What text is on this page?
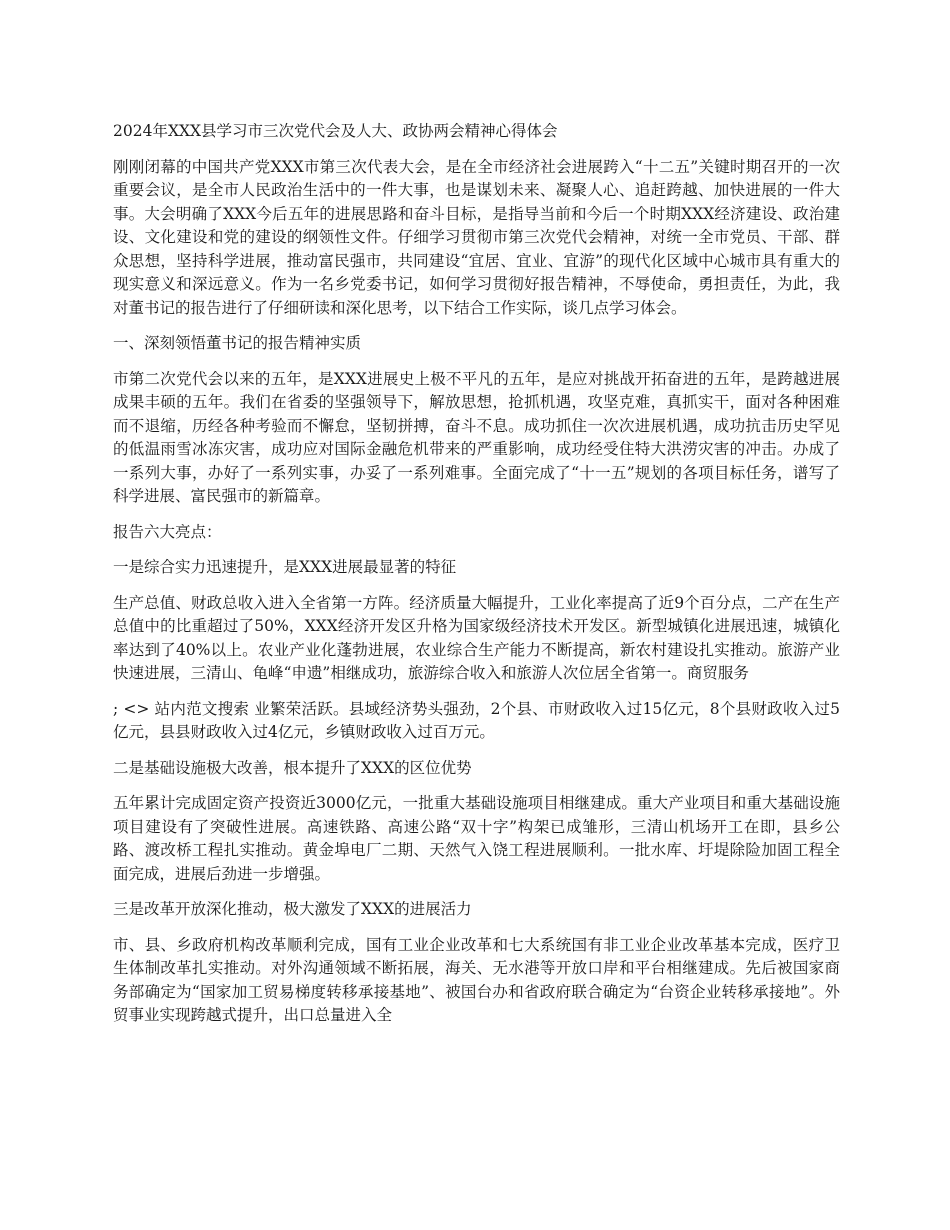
2024年XXX县学习市三次党代会及人大、政协两会精神心得体会

刚刚闭幕的中国共产党XXX市第三次代表大会，是在全市经济社会进展跨入“十二五”关键时期召开的一次重要会议，是全市人民政治生活中的一件大事，也是谋划未来、凝聚人心、追赶跨越、加快进展的一件大事。大会明确了XXX今后五年的进展思路和奋斗目标，是指导当前和今后一个时期XXX经济建设、政治建设、文化建设和党的建设的纲领性文件。仔细学习贯彻市第三次党代会精神，对统一全市党员、干部、群众思想，坚持科学进展，推动富民强市，共同建设“宜居、宜业、宜游”的现代化区域中心城市具有重大的现实意义和深远意义。作为一名乡党委书记，如何学习贯彻好报告精神，不辱使命，勇担责任，为此，我对董书记的报告进行了仔细研读和深化思考，以下结合工作实际，谈几点学习体会。

一、深刻领悟董书记的报告精神实质

市第二次党代会以来的五年，是XXX进展史上极不平凡的五年，是应对挑战开拓奋进的五年，是跨越进展成果丰硕的五年。我们在省委的坚强领导下，解放思想，抢抓机遇，攻坚克难，真抓实干，面对各种困难而不退缩，历经各种考验而不懈怠，坚韧拼搏，奋斗不息。成功抓住一次次进展机遇，成功抗击历史罕见的低温雨雪冰冻灾害，成功应对国际金融危机带来的严重影响，成功经受住特大洪涝灾害的冲击。办成了一系列大事，办好了一系列实事，办妥了一系列难事。全面完成了“十一五”规划的各项目标任务，谱写了科学进展、富民强市的新篇章。

报告六大亮点：

一是综合实力迅速提升，是XXX进展最显著的特征

生产总值、财政总收入进入全省第一方阵。经济质量大幅提升，工业化率提高了近9个百分点，二产在生产总值中的比重超过了50%，XXX经济开发区升格为国家级经济技术开发区。新型城镇化进展迅速，城镇化率达到了40%以上。农业产业化蓬勃进展，农业综合生产能力不断提高，新农村建设扎实推动。旅游产业快速进展，三清山、龟峰“申遗”相继成功，旅游综合收入和旅游人次位居全省第一。商贸服务

; <> 站内范文搜索 业繁荣活跃。县域经济势头强劲，2个县、市财政收入过15亿元，8个县财政收入过5亿元，县县财政收入过4亿元，乡镇财政收入过百万元。

二是基础设施极大改善，根本提升了XXX的区位优势

五年累计完成固定资产投资近3000亿元，一批重大基础设施项目相继建成。重大产业项目和重大基础设施项目建设有了突破性进展。高速铁路、高速公路“双十字”构架已成雏形，三清山机场开工在即，县乡公路、渡改桥工程扎实推动。黄金埠电厂二期、天然气入饶工程进展顺利。一批水库、圩堤除险加固工程全面完成，进展后劲进一步增强。

三是改革开放深化推动，极大激发了XXX的进展活力

市、县、乡政府机构改革顺利完成，国有工业企业改革和七大系统国有非工业企业改革基本完成，医疗卫生体制改革扎实推动。对外沟通领域不断拓展，海关、无水港等开放口岸和平台相继建成。先后被国家商务部确定为“国家加工贸易梯度转移承接基地”、被国台办和省政府联合确定为“台资企业转移承接地”。外贸事业实现跨越式提升，出口总量进入全
